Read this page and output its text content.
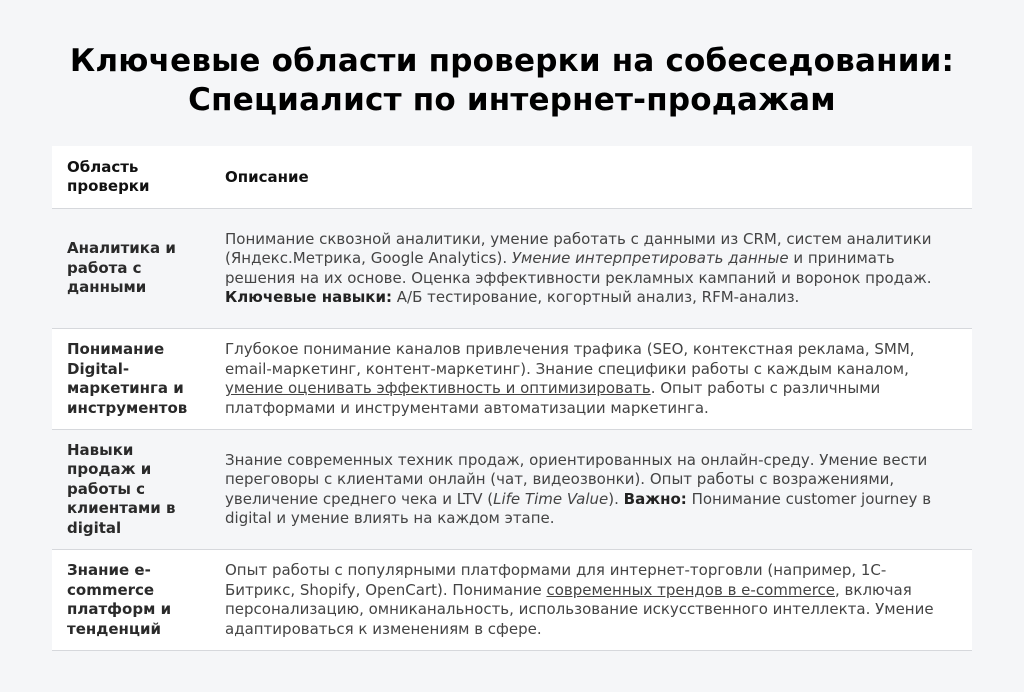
Ключевые области проверки на собеседовании:
Специалист по интернет-продажам
Область проверки	Описание
Аналитика и работа с данными	Понимание сквозной аналитики, умение работать с данными из CRM, систем аналитики (Яндекс.Метрика, Google Analytics). Умение интерпретировать данные и принимать решения на их основе. Оценка эффективности рекламных кампаний и воронок продаж. Ключевые навыки: А/Б тестирование, когортный анализ, RFM-анализ.
Понимание Digital-маркетинга и инструментов	Глубокое понимание каналов привлечения трафика (SEO, контекстная реклама, SMM, email-маркетинг, контент-маркетинг). Знание специфики работы с каждым каналом, умение оценивать эффективность и оптимизировать. Опыт работы с различными платформами и инструментами автоматизации маркетинга.
Навыки продаж и работы с клиентами в digital	Знание современных техник продаж, ориентированных на онлайн-среду. Умение вести переговоры с клиентами онлайн (чат, видеозвонки). Опыт работы с возражениями, увеличение среднего чека и LTV (Life Time Value). Важно: Понимание customer journey в digital и умение влиять на каждом этапе.
Знание e-commerce платформ и тенденций	Опыт работы с популярными платформами для интернет-торговли (например, 1С-Битрикс, Shopify, OpenCart). Понимание современных трендов в e-commerce, включая персонализацию, омниканальность, использование искусственного интеллекта. Умение адаптироваться к изменениям в сфере.
